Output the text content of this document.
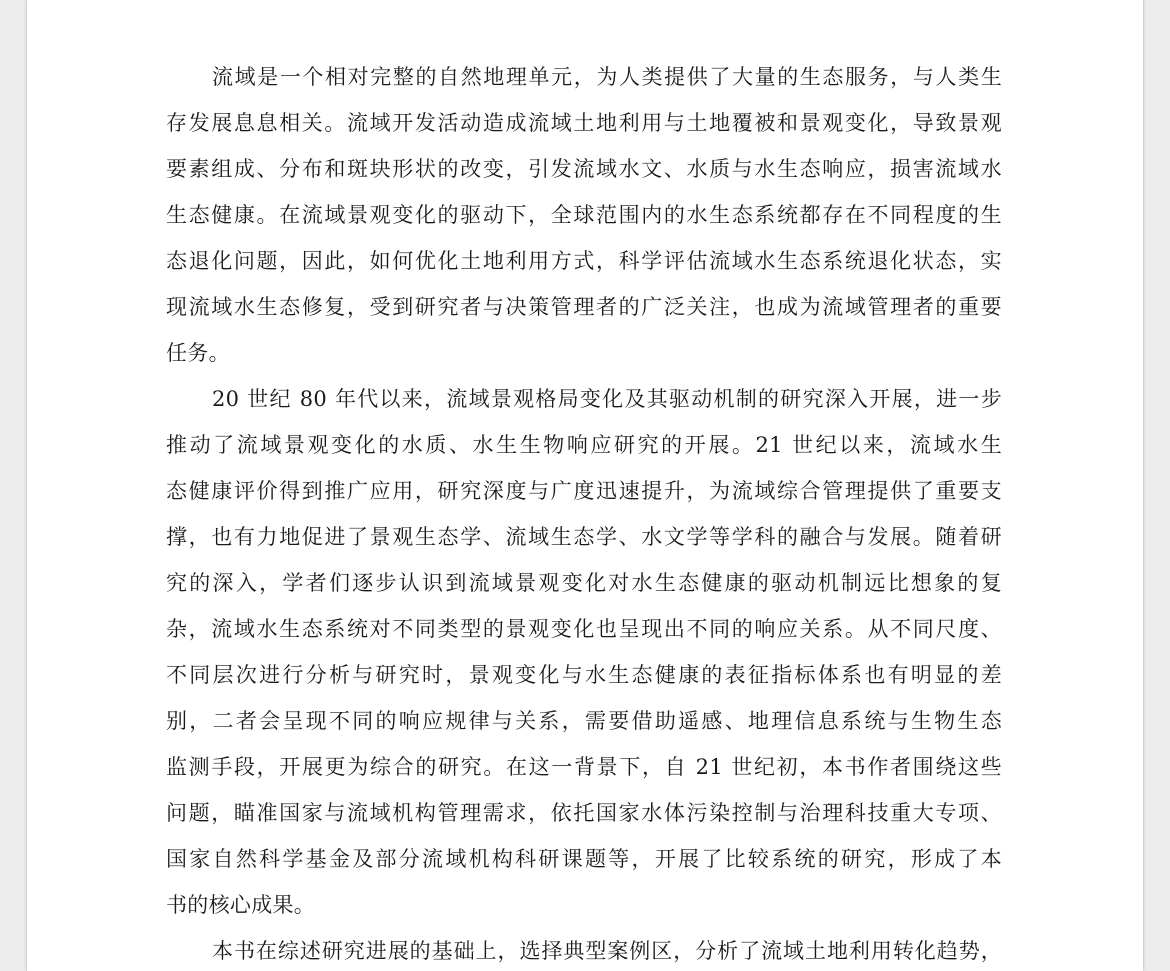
流域是一个相对完整的自然地理单元，为人类提供了大量的生态服务，与人类生
存发展息息相关。流域开发活动造成流域土地利用与土地覆被和景观变化，导致景观
要素组成、分布和斑块形状的改变，引发流域水文、水质与水生态响应，损害流域水
生态健康。在流域景观变化的驱动下，全球范围内的水生态系统都存在不同程度的生
态退化问题，因此，如何优化土地利用方式，科学评估流域水生态系统退化状态，实
现流域水生态修复，受到研究者与决策管理者的广泛关注，也成为流域管理者的重要
任务。

20 世纪 80 年代以来，流域景观格局变化及其驱动机制的研究深入开展，进一步
推动了流域景观变化的水质、水生生物响应研究的开展。21 世纪以来，流域水生
态健康评价得到推广应用，研究深度与广度迅速提升，为流域综合管理提供了重要支
撑，也有力地促进了景观生态学、流域生态学、水文学等学科的融合与发展。随着研
究的深入，学者们逐步认识到流域景观变化对水生态健康的驱动机制远比想象的复
杂，流域水生态系统对不同类型的景观变化也呈现出不同的响应关系。从不同尺度、
不同层次进行分析与研究时，景观变化与水生态健康的表征指标体系也有明显的差
别，二者会呈现不同的响应规律与关系，需要借助遥感、地理信息系统与生物生态
监测手段，开展更为综合的研究。在这一背景下，自 21 世纪初，本书作者围绕这些
问题，瞄准国家与流域机构管理需求，依托国家水体污染控制与治理科技重大专项、
国家自然科学基金及部分流域机构科研课题等，开展了比较系统的研究，形成了本
书的核心成果。

本书在综述研究进展的基础上，选择典型案例区，分析了流域土地利用转化趋势，
